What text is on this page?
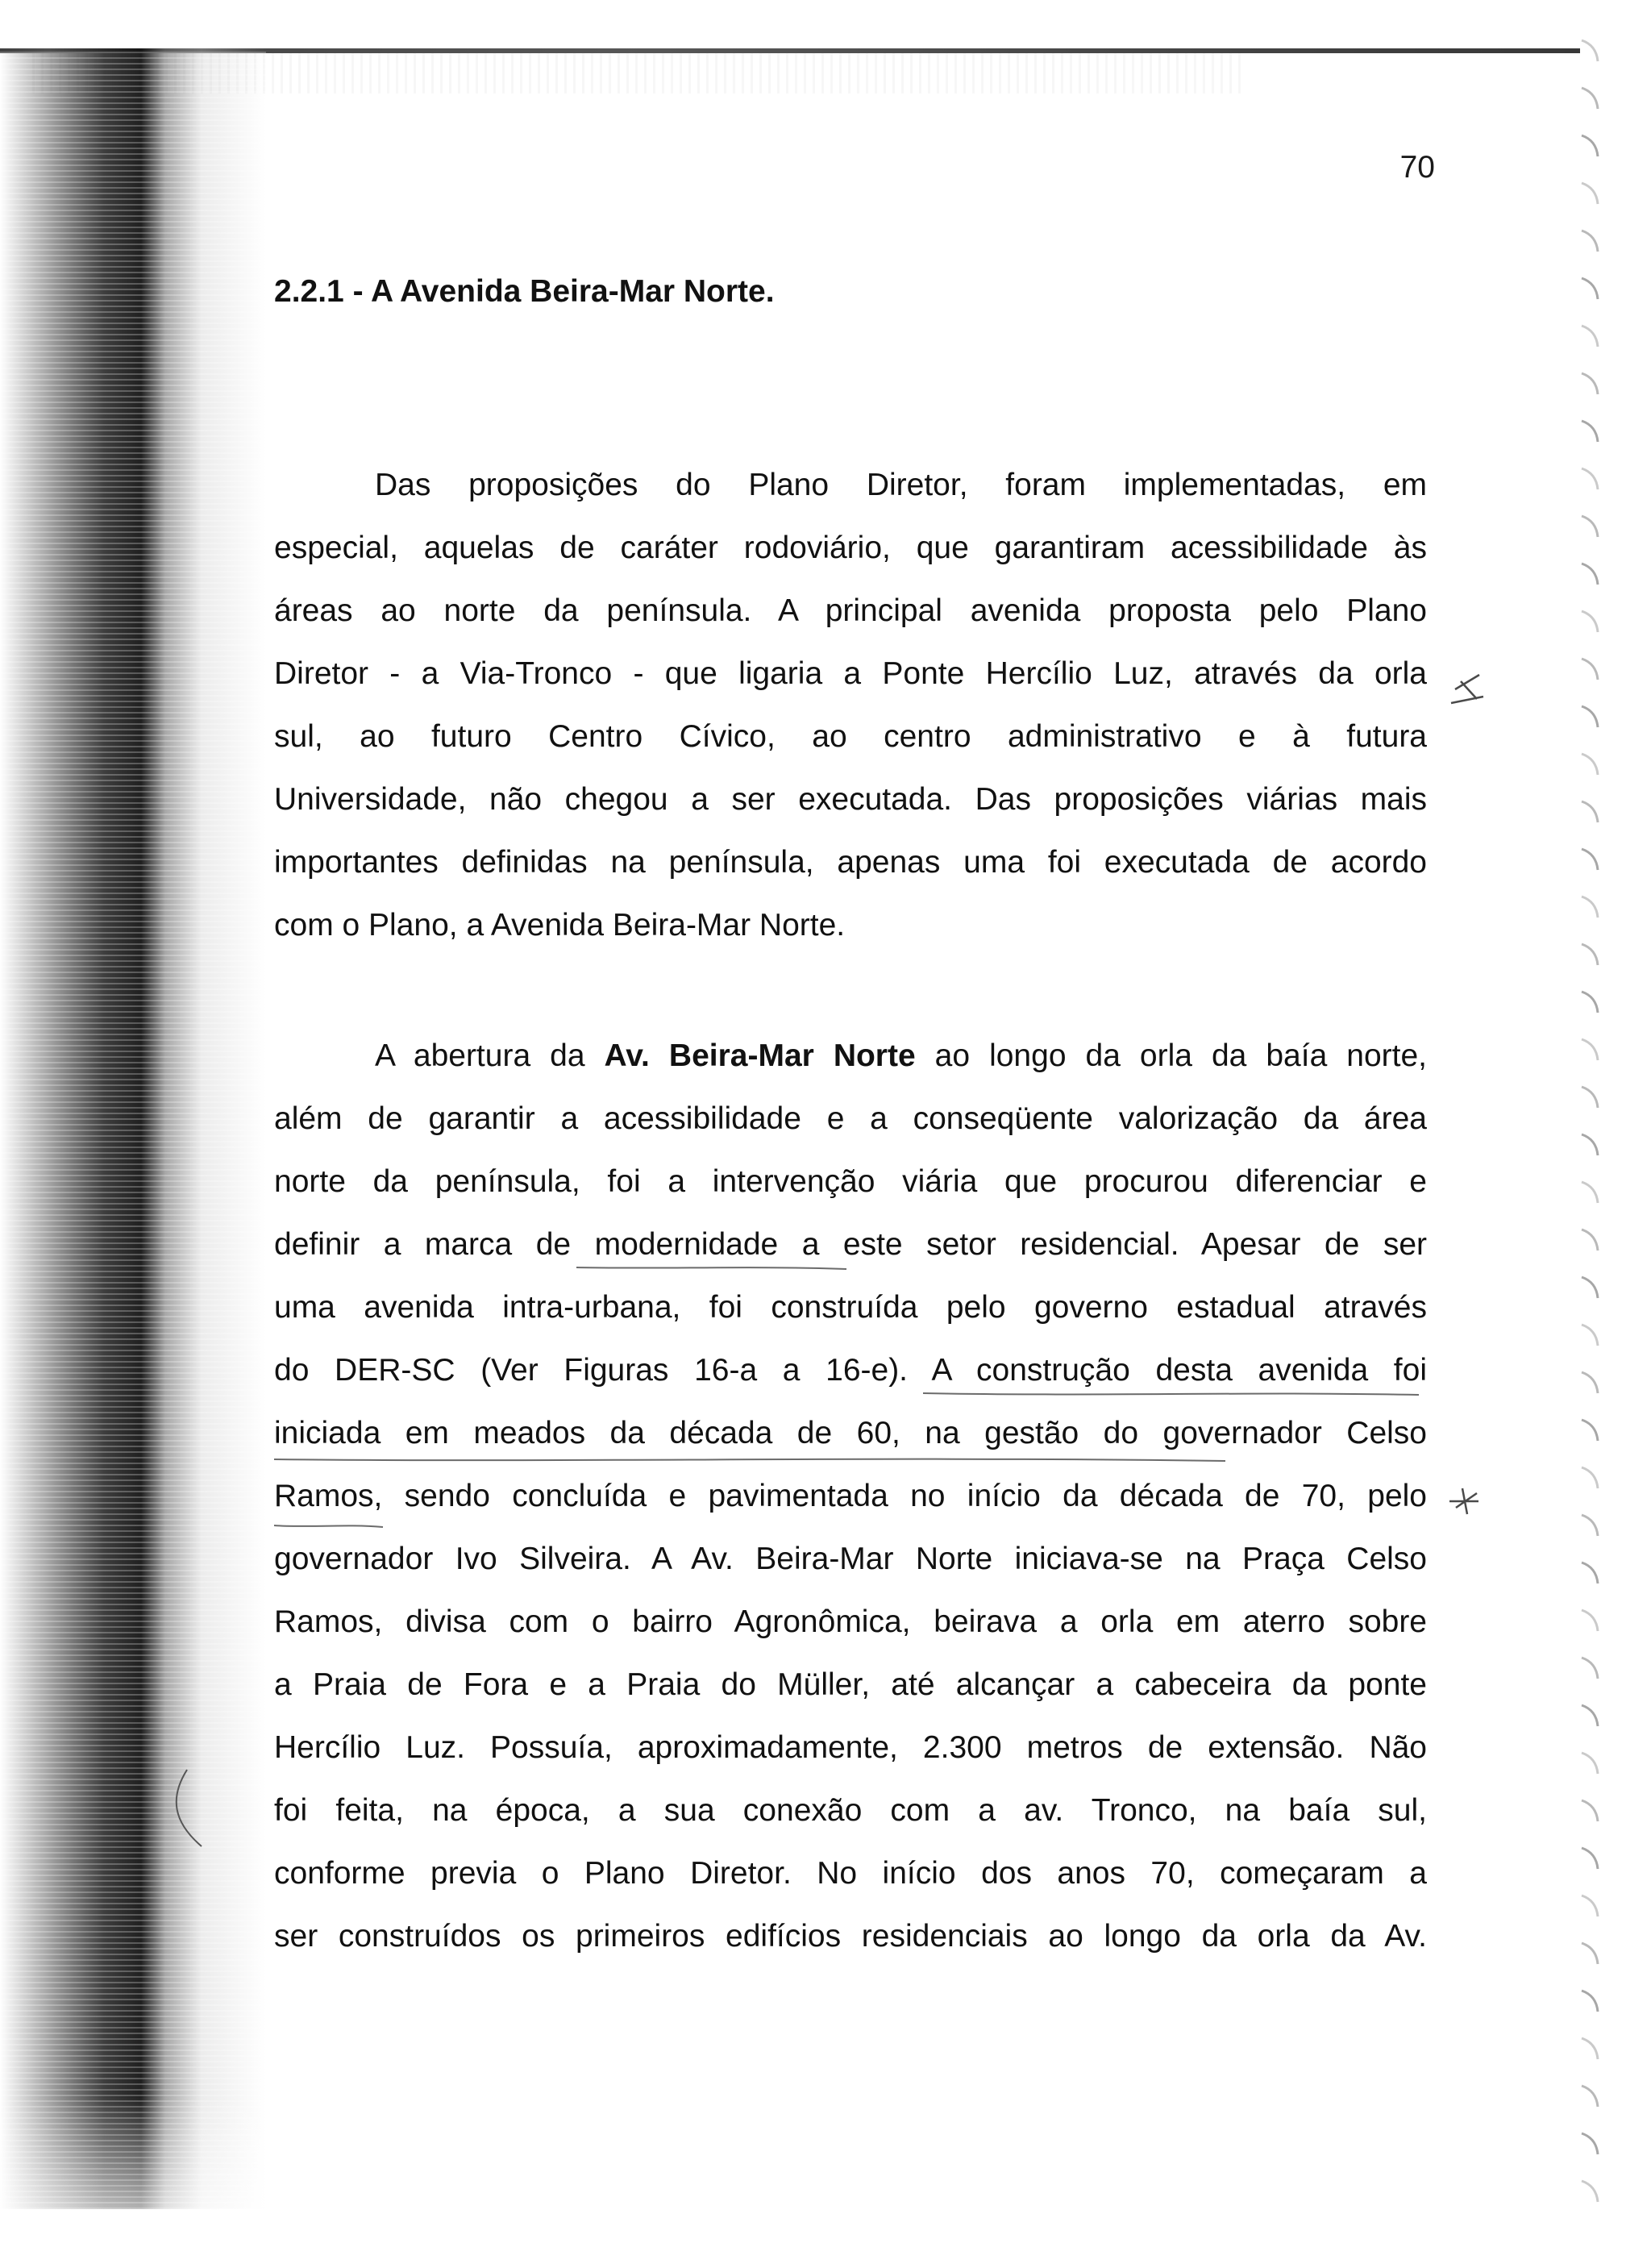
70
2.2.1 - A Avenida Beira-Mar Norte.
Das proposições do Plano Diretor, foram implementadas, em
especial, aquelas de caráter rodoviário, que garantiram acessibilidade às
áreas ao norte da península. A principal avenida proposta pelo Plano
Diretor - a Via-Tronco - que ligaria a Ponte Hercílio Luz, através da orla
sul, ao futuro Centro Cívico, ao centro administrativo e à futura
Universidade, não chegou a ser executada. Das proposições viárias mais
importantes definidas na península, apenas uma foi executada de acordo
com o Plano, a Avenida Beira-Mar Norte.
A abertura da Av. Beira-Mar Norte ao longo da orla da baía norte,
além de garantir a acessibilidade e a conseqüente valorização da área
norte da península, foi a intervenção viária que procurou diferenciar e
definir a marca de modernidade a este setor residencial. Apesar de ser
uma avenida intra-urbana, foi construída pelo governo estadual através
do DER-SC (Ver Figuras 16-a a 16-e). A construção desta avenida foi
iniciada em meados da década de 60, na gestão do governador Celso
Ramos, sendo concluída e pavimentada no início da década de 70, pelo
governador Ivo Silveira. A Av. Beira-Mar Norte iniciava-se na Praça Celso
Ramos, divisa com o bairro Agronômica, beirava a orla em aterro sobre
a Praia de Fora e a Praia do Müller, até alcançar a cabeceira da ponte
Hercílio Luz. Possuía, aproximadamente, 2.300 metros de extensão. Não
foi feita, na época, a sua conexão com a av. Tronco, na baía sul,
conforme previa o Plano Diretor. No início dos anos 70, começaram a
ser construídos os primeiros edifícios residenciais ao longo da orla da Av.
